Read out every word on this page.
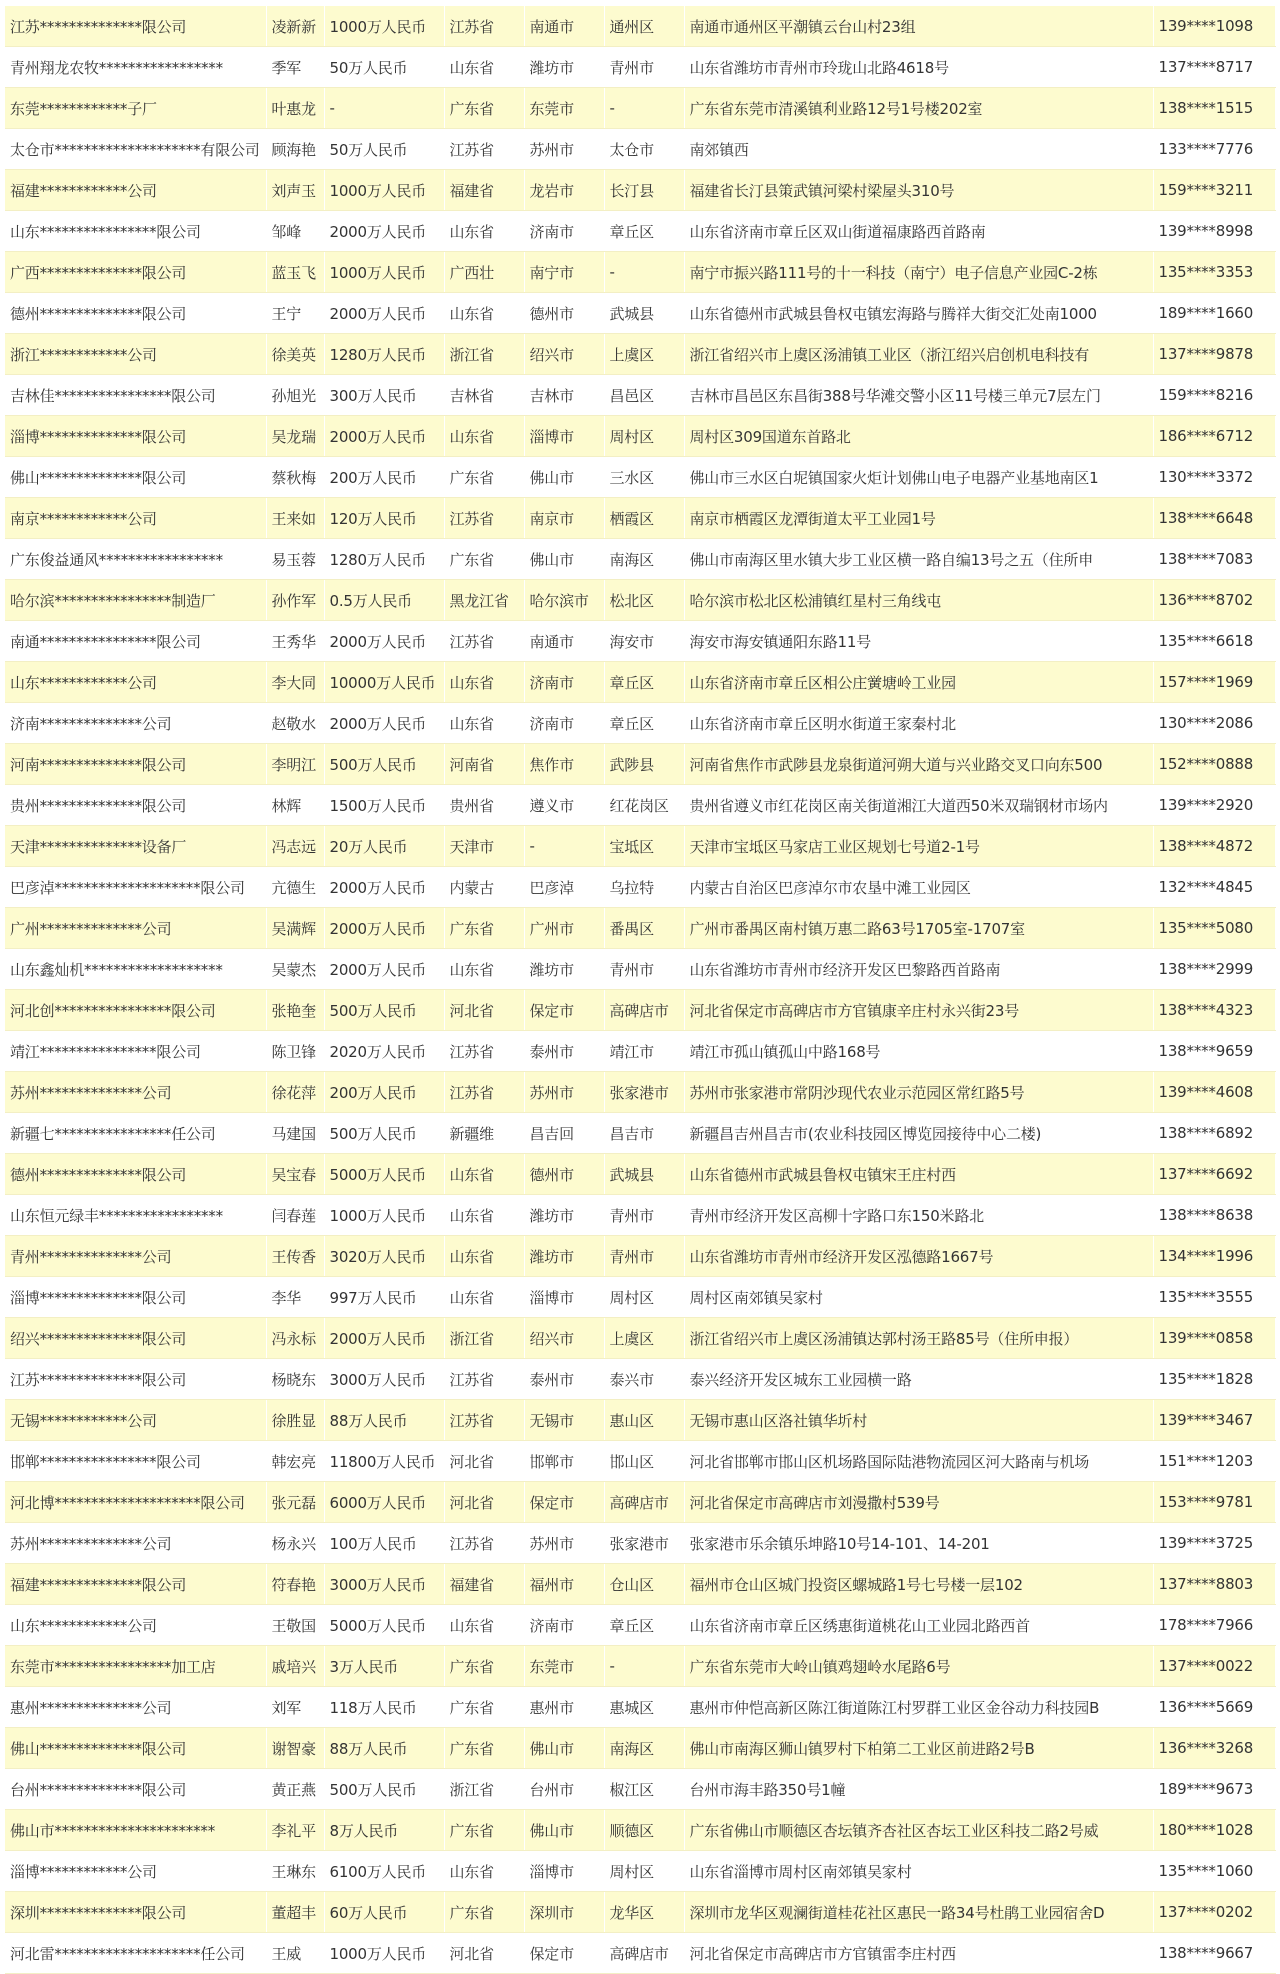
江苏**************限公司	凌新新	1000万人民币	江苏省	南通市	通州区	南通市通州区平潮镇云台山村23组	139****1098
青州翔龙农牧*****************	季军	50万人民币	山东省	潍坊市	青州市	山东省潍坊市青州市玲珑山北路4618号	137****8717
东莞************子厂	叶惠龙	-	广东省	东莞市	-	广东省东莞市清溪镇利业路12号1号楼202室	138****1515
太仓市********************有限公司	顾海艳	50万人民币	江苏省	苏州市	太仓市	南郊镇西	133****7776
福建************公司	刘声玉	1000万人民币	福建省	龙岩市	长汀县	福建省长汀县策武镇河梁村梁屋头310号	159****3211
山东****************限公司	邹峰	2000万人民币	山东省	济南市	章丘区	山东省济南市章丘区双山街道福康路西首路南	139****8998
广西**************限公司	蓝玉飞	1000万人民币	广西壮	南宁市	-	南宁市振兴路111号的十一科技（南宁）电子信息产业园C-2栋	135****3353
德州**************限公司	王宁	2000万人民币	山东省	德州市	武城县	山东省德州市武城县鲁权屯镇宏海路与腾祥大街交汇处南1000	189****1660
浙江************公司	徐美英	1280万人民币	浙江省	绍兴市	上虞区	浙江省绍兴市上虞区汤浦镇工业区（浙江绍兴启创机电科技有	137****9878
吉林佳****************限公司	孙旭光	300万人民币	吉林省	吉林市	昌邑区	吉林市昌邑区东昌街388号华滩交警小区11号楼三单元7层左门	159****8216
淄博**************限公司	吴龙瑞	2000万人民币	山东省	淄博市	周村区	周村区309国道东首路北	186****6712
佛山**************限公司	蔡秋梅	200万人民币	广东省	佛山市	三水区	佛山市三水区白坭镇国家火炬计划佛山电子电器产业基地南区1	130****3372
南京************公司	王来如	120万人民币	江苏省	南京市	栖霞区	南京市栖霞区龙潭街道太平工业园1号	138****6648
广东俊益通风*****************	易玉蓉	1280万人民币	广东省	佛山市	南海区	佛山市南海区里水镇大步工业区横一路自编13号之五（住所申	138****7083
哈尔滨****************制造厂	孙作军	0.5万人民币	黑龙江省	哈尔滨市	松北区	哈尔滨市松北区松浦镇红星村三角线屯	136****8702
南通****************限公司	王秀华	2000万人民币	江苏省	南通市	海安市	海安市海安镇通阳东路11号	135****6618
山东************公司	李大同	10000万人民币	山东省	济南市	章丘区	山东省济南市章丘区相公庄黉塘岭工业园	157****1969
济南**************公司	赵敬水	2000万人民币	山东省	济南市	章丘区	山东省济南市章丘区明水街道王家秦村北	130****2086
河南**************限公司	李明江	500万人民币	河南省	焦作市	武陟县	河南省焦作市武陟县龙泉街道河朔大道与兴业路交叉口向东500	152****0888
贵州**************限公司	林辉	1500万人民币	贵州省	遵义市	红花岗区	贵州省遵义市红花岗区南关街道湘江大道西50米双瑞钢材市场内	139****2920
天津**************设备厂	冯志远	20万人民币	天津市	-	宝坻区	天津市宝坻区马家店工业区规划七号道2-1号	138****4872
巴彦淖********************限公司	亢德生	2000万人民币	内蒙古	巴彦淖	乌拉特	内蒙古自治区巴彦淖尔市农垦中滩工业园区	132****4845
广州**************公司	吴满辉	2000万人民币	广东省	广州市	番禺区	广州市番禺区南村镇万惠二路63号1705室-1707室	135****5080
山东鑫灿机*******************	吴蒙杰	2000万人民币	山东省	潍坊市	青州市	山东省潍坊市青州市经济开发区巴黎路西首路南	138****2999
河北创****************限公司	张艳奎	500万人民币	河北省	保定市	高碑店市	河北省保定市高碑店市方官镇康辛庄村永兴街23号	138****4323
靖江****************限公司	陈卫锋	2020万人民币	江苏省	泰州市	靖江市	靖江市孤山镇孤山中路168号	138****9659
苏州**************公司	徐花萍	200万人民币	江苏省	苏州市	张家港市	苏州市张家港市常阴沙现代农业示范园区常红路5号	139****4608
新疆七****************任公司	马建国	500万人民币	新疆维	昌吉回	昌吉市	新疆昌吉州昌吉市(农业科技园区博览园接待中心二楼)	138****6892
德州**************限公司	吴宝春	5000万人民币	山东省	德州市	武城县	山东省德州市武城县鲁权屯镇宋王庄村西	137****6692
山东恒元绿丰*****************	闫春莲	1000万人民币	山东省	潍坊市	青州市	青州市经济开发区高柳十字路口东150米路北	138****8638
青州**************公司	王传香	3020万人民币	山东省	潍坊市	青州市	山东省潍坊市青州市经济开发区泓德路1667号	134****1996
淄博**************限公司	李华	997万人民币	山东省	淄博市	周村区	周村区南郊镇吴家村	135****3555
绍兴**************限公司	冯永标	2000万人民币	浙江省	绍兴市	上虞区	浙江省绍兴市上虞区汤浦镇达郭村汤王路85号（住所申报）	139****0858
江苏**************限公司	杨晓东	3000万人民币	江苏省	泰州市	泰兴市	泰兴经济开发区城东工业园横一路	135****1828
无锡************公司	徐胜显	88万人民币	江苏省	无锡市	惠山区	无锡市惠山区洛社镇华圻村	139****3467
邯郸****************限公司	韩宏亮	11800万人民币	河北省	邯郸市	邯山区	河北省邯郸市邯山区机场路国际陆港物流园区河大路南与机场	151****1203
河北博********************限公司	张元磊	6000万人民币	河北省	保定市	高碑店市	河北省保定市高碑店市刘漫撒村539号	153****9781
苏州**************公司	杨永兴	100万人民币	江苏省	苏州市	张家港市	张家港市乐余镇乐坤路10号14-101、14-201	139****3725
福建**************限公司	符春艳	3000万人民币	福建省	福州市	仓山区	福州市仓山区城门投资区螺城路1号七号楼一层102	137****8803
山东************公司	王敬国	5000万人民币	山东省	济南市	章丘区	山东省济南市章丘区绣惠街道桃花山工业园北路西首	178****7966
东莞市****************加工店	戚培兴	3万人民币	广东省	东莞市	-	广东省东莞市大岭山镇鸡翅岭水尾路6号	137****0022
惠州**************公司	刘军	118万人民币	广东省	惠州市	惠城区	惠州市仲恺高新区陈江街道陈江村罗群工业区金谷动力科技园B	136****5669
佛山**************限公司	谢智豪	88万人民币	广东省	佛山市	南海区	佛山市南海区狮山镇罗村下柏第二工业区前进路2号B	136****3268
台州**************限公司	黄正燕	500万人民币	浙江省	台州市	椒江区	台州市海丰路350号1幢	189****9673
佛山市**********************	李礼平	8万人民币	广东省	佛山市	顺德区	广东省佛山市顺德区杏坛镇齐杏社区杏坛工业区科技二路2号威	180****1028
淄博************公司	王琳东	6100万人民币	山东省	淄博市	周村区	山东省淄博市周村区南郊镇吴家村	135****1060
深圳**************限公司	董超丰	60万人民币	广东省	深圳市	龙华区	深圳市龙华区观澜街道桂花社区惠民一路34号杜鹃工业园宿舍D	137****0202
河北雷********************任公司	王威	1000万人民币	河北省	保定市	高碑店市	河北省保定市高碑店市方官镇雷李庄村西	138****9667
